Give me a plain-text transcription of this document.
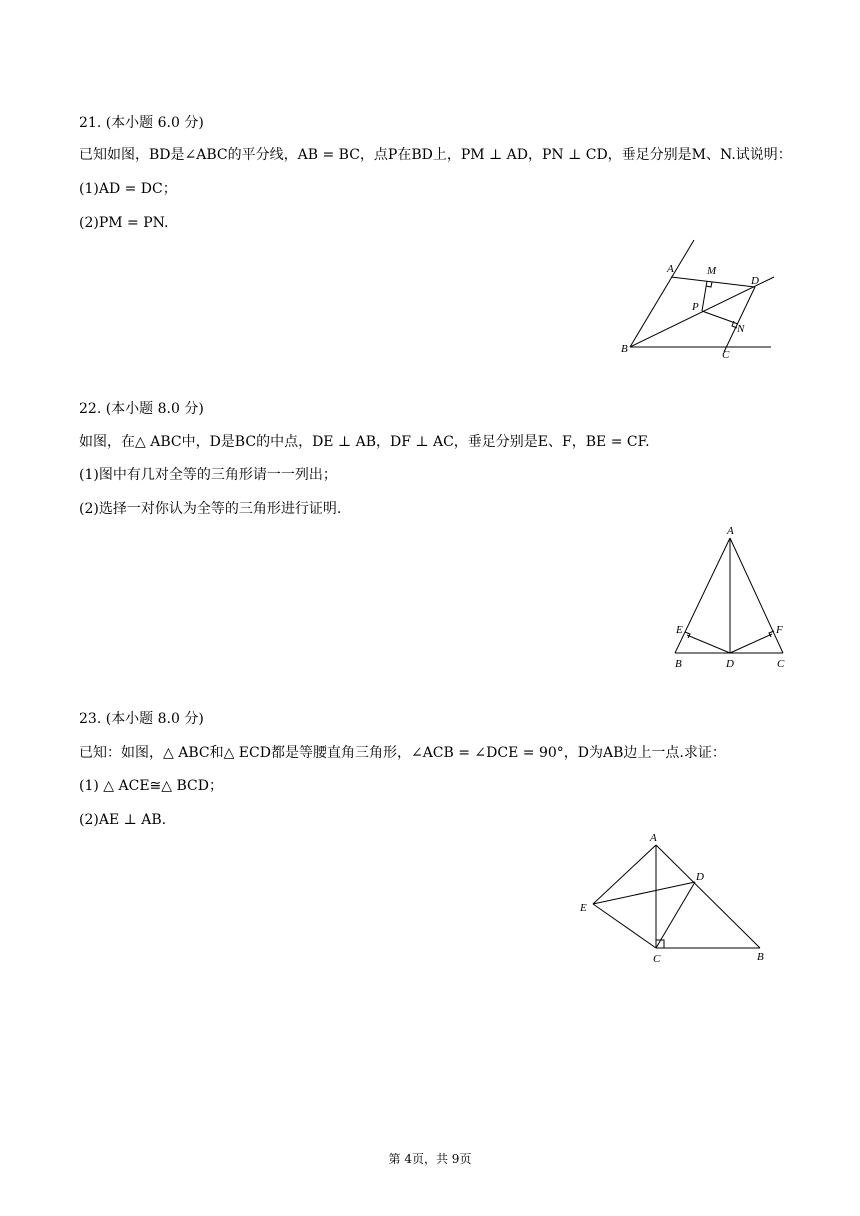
21. (本小题 6.0 分)
已知如图，BD是∠ABC的平分线，AB = BC，点P在BD上，PM ⊥ AD，PN ⊥ CD，垂足分别是M、N.试说明：
(1)AD = DC；
(2)PM = PN.
A	M
D
P
N
B	C
22. (本小题 8.0 分)
如图，在△ ABC中，D是BC的中点，DE ⊥ AB，DF ⊥ AC，垂足分别是E、F，BE = CF.
(1)图中有几对全等的三角形请一一列出；
(2)选择一对你认为全等的三角形进行证明.
A
E	F
B	D	C
23. (本小题 8.0 分)
已知：如图，△ ABC和△ ECD都是等腰直角三角形，∠ACB = ∠DCE = 90°，D为AB边上一点.求证：
(1) △ ACE≅△ BCD；
(2)AE ⊥ AB.
A
D
E
C	B
第 4页，共 9页
